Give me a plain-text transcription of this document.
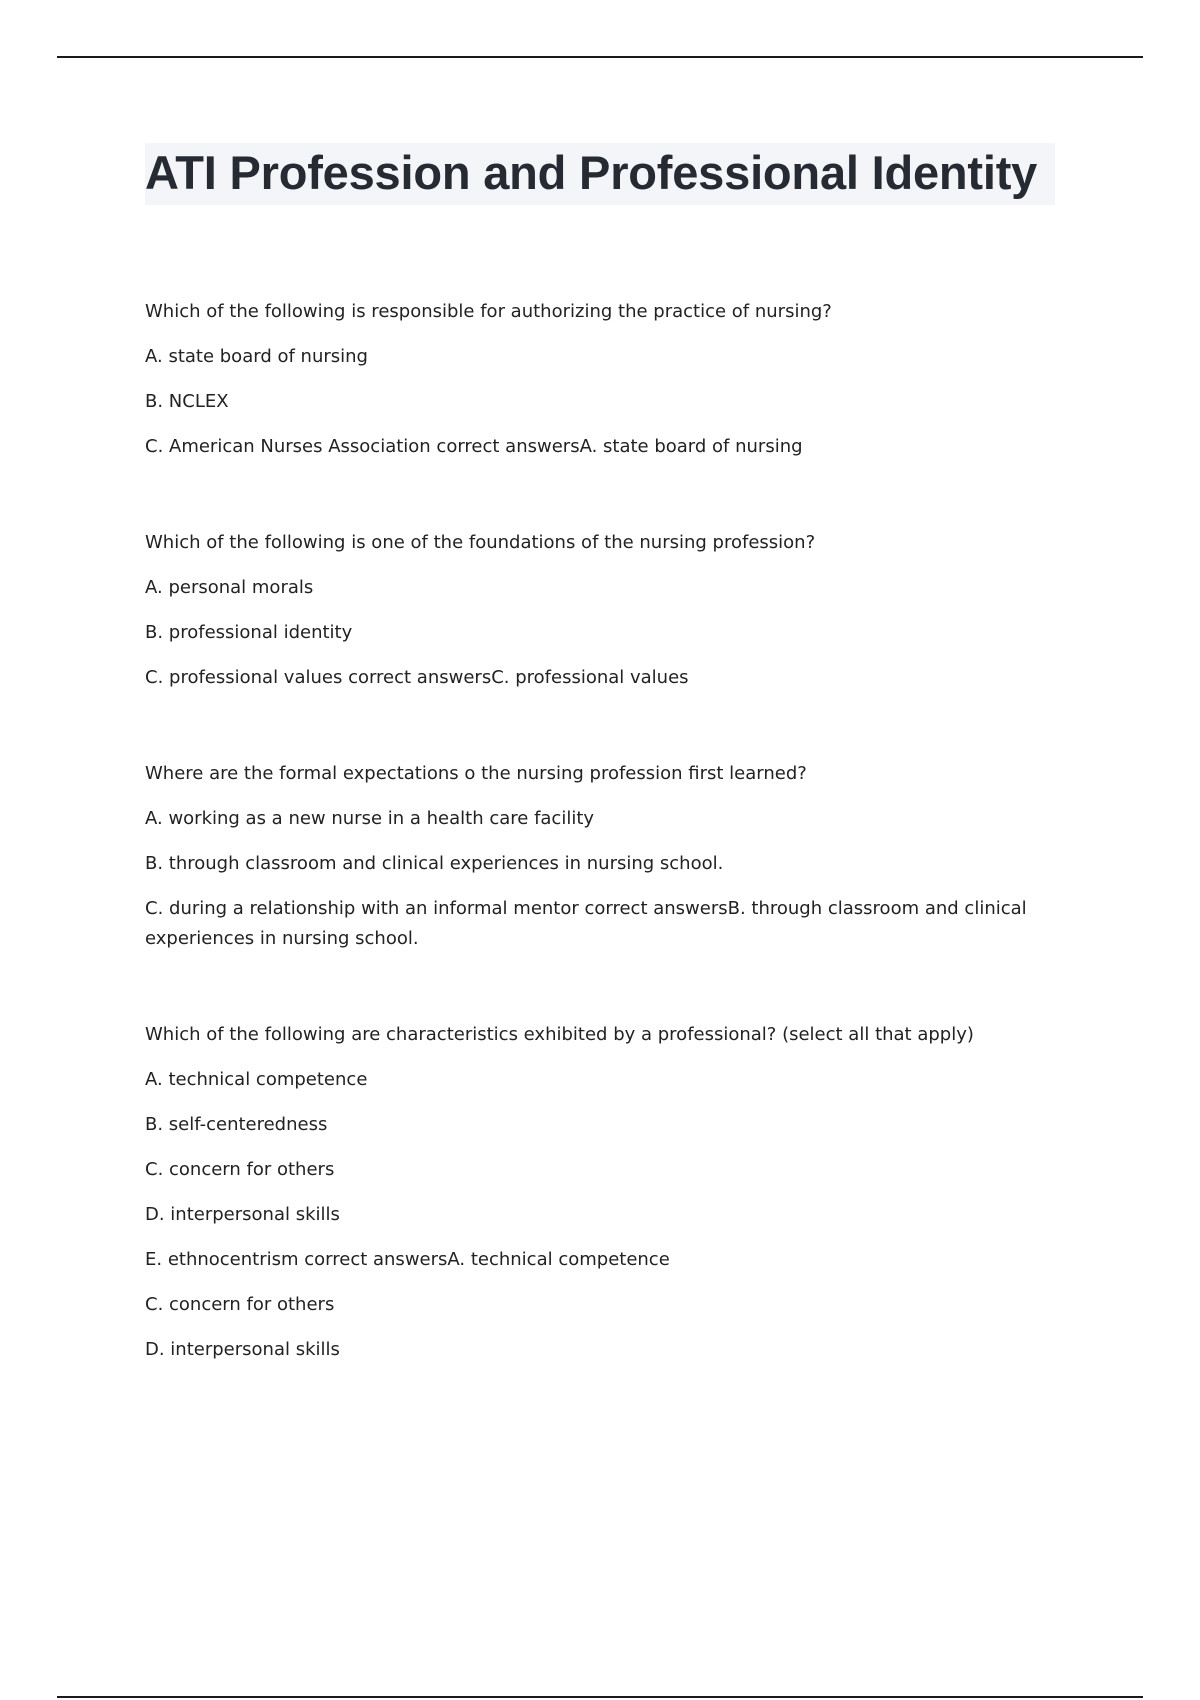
ATI Profession and Professional Identity

Which of the following is responsible for authorizing the practice of nursing?

A. state board of nursing

B. NCLEX

C. American Nurses Association correct answersA. state board of nursing

Which of the following is one of the foundations of the nursing profession?

A. personal morals

B. professional identity

C. professional values correct answersC. professional values

Where are the formal expectations o the nursing profession first learned?

A. working as a new nurse in a health care facility

B. through classroom and clinical experiences in nursing school.

C. during a relationship with an informal mentor correct answersB. through classroom and clinical experiences in nursing school.

Which of the following are characteristics exhibited by a professional? (select all that apply)

A. technical competence

B. self-centeredness

C. concern for others

D. interpersonal skills

E. ethnocentrism correct answersA. technical competence

C. concern for others

D. interpersonal skills
